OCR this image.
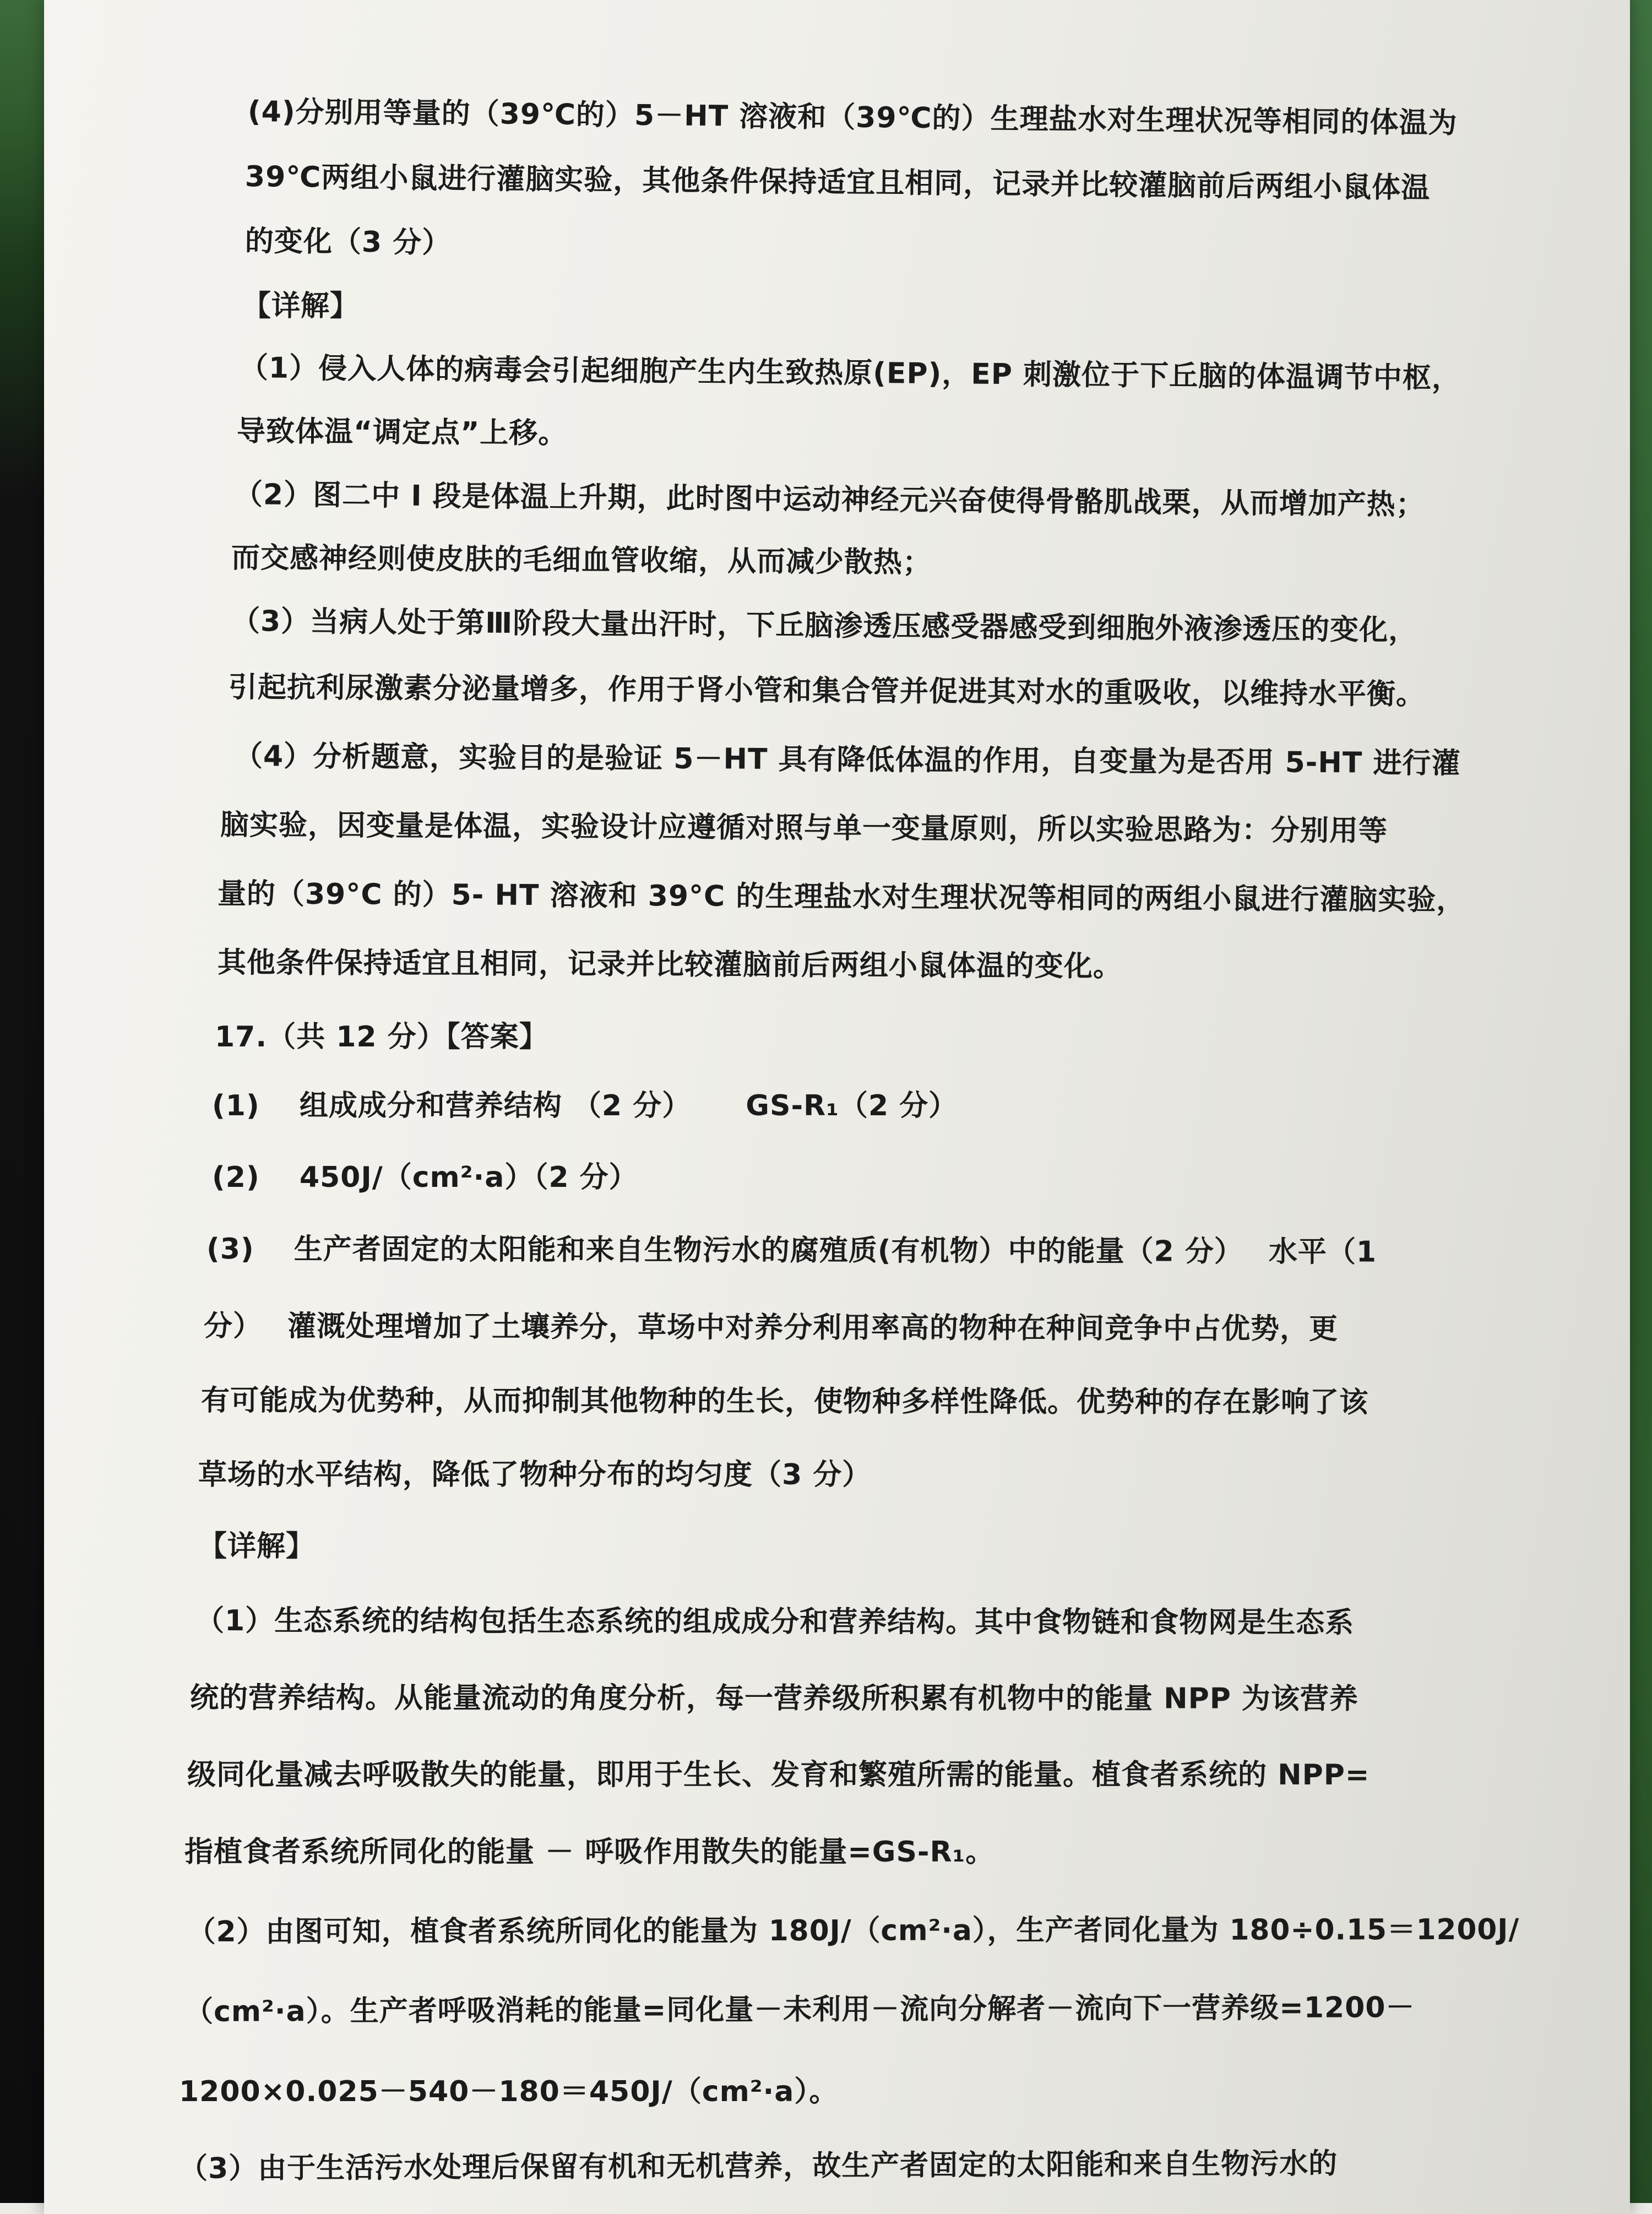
(4)分别用等量的（39℃的）5－HT 溶液和（39℃的）生理盐水对生理状况等相同的体温为
39℃两组小鼠进行灌脑实验，其他条件保持适宜且相同，记录并比较灌脑前后两组小鼠体温
的变化（3 分）
【详解】
（1）侵入人体的病毒会引起细胞产生内生致热原(EP)，EP 刺激位于下丘脑的体温调节中枢，
导致体温“调定点”上移。
（2）图二中 I 段是体温上升期，此时图中运动神经元兴奋使得骨骼肌战栗，从而增加产热；
而交感神经则使皮肤的毛细血管收缩，从而减少散热；
（3）当病人处于第Ⅲ阶段大量出汗时，下丘脑渗透压感受器感受到细胞外液渗透压的变化，
引起抗利尿激素分泌量增多，作用于肾小管和集合管并促进其对水的重吸收，以维持水平衡。
（4）分析题意，实验目的是验证 5－HT 具有降低体温的作用，自变量为是否用 5-HT 进行灌
脑实验，因变量是体温，实验设计应遵循对照与单一变量原则，所以实验思路为：分别用等
量的（39°C 的）5- HT 溶液和 39°C 的生理盐水对生理状况等相同的两组小鼠进行灌脑实验，
其他条件保持适宜且相同，记录并比较灌脑前后两组小鼠体温的变化。
17.（共 12 分）【答案】
(1)　 组成成分和营养结构 （2 分）　　 GS-R₁（2 分）
(2)　 450J/（cm²·a）（2 分）
(3)　 生产者固定的太阳能和来自生物污水的腐殖质(有机物）中的能量（2 分）　 水平（1
分）　 灌溉处理增加了土壤养分，草场中对养分利用率高的物种在种间竞争中占优势，更
有可能成为优势种，从而抑制其他物种的生长，使物种多样性降低。优势种的存在影响了该
草场的水平结构，降低了物种分布的均匀度（3 分）
【详解】
（1）生态系统的结构包括生态系统的组成成分和营养结构。其中食物链和食物网是生态系
统的营养结构。从能量流动的角度分析，每一营养级所积累有机物中的能量 NPP 为该营养
级同化量减去呼吸散失的能量，即用于生长、发育和繁殖所需的能量。植食者系统的 NPP=
指植食者系统所同化的能量 － 呼吸作用散失的能量=GS-R₁。
（2）由图可知，植食者系统所同化的能量为 180J/（cm²·a），生产者同化量为 180÷0.15＝1200J/
（cm²·a）。生产者呼吸消耗的能量=同化量－未利用－流向分解者－流向下一营养级=1200－
1200×0.025－540－180＝450J/（cm²·a）。
（3）由于生活污水处理后保留有机和无机营养，故生产者固定的太阳能和来自生物污水的
